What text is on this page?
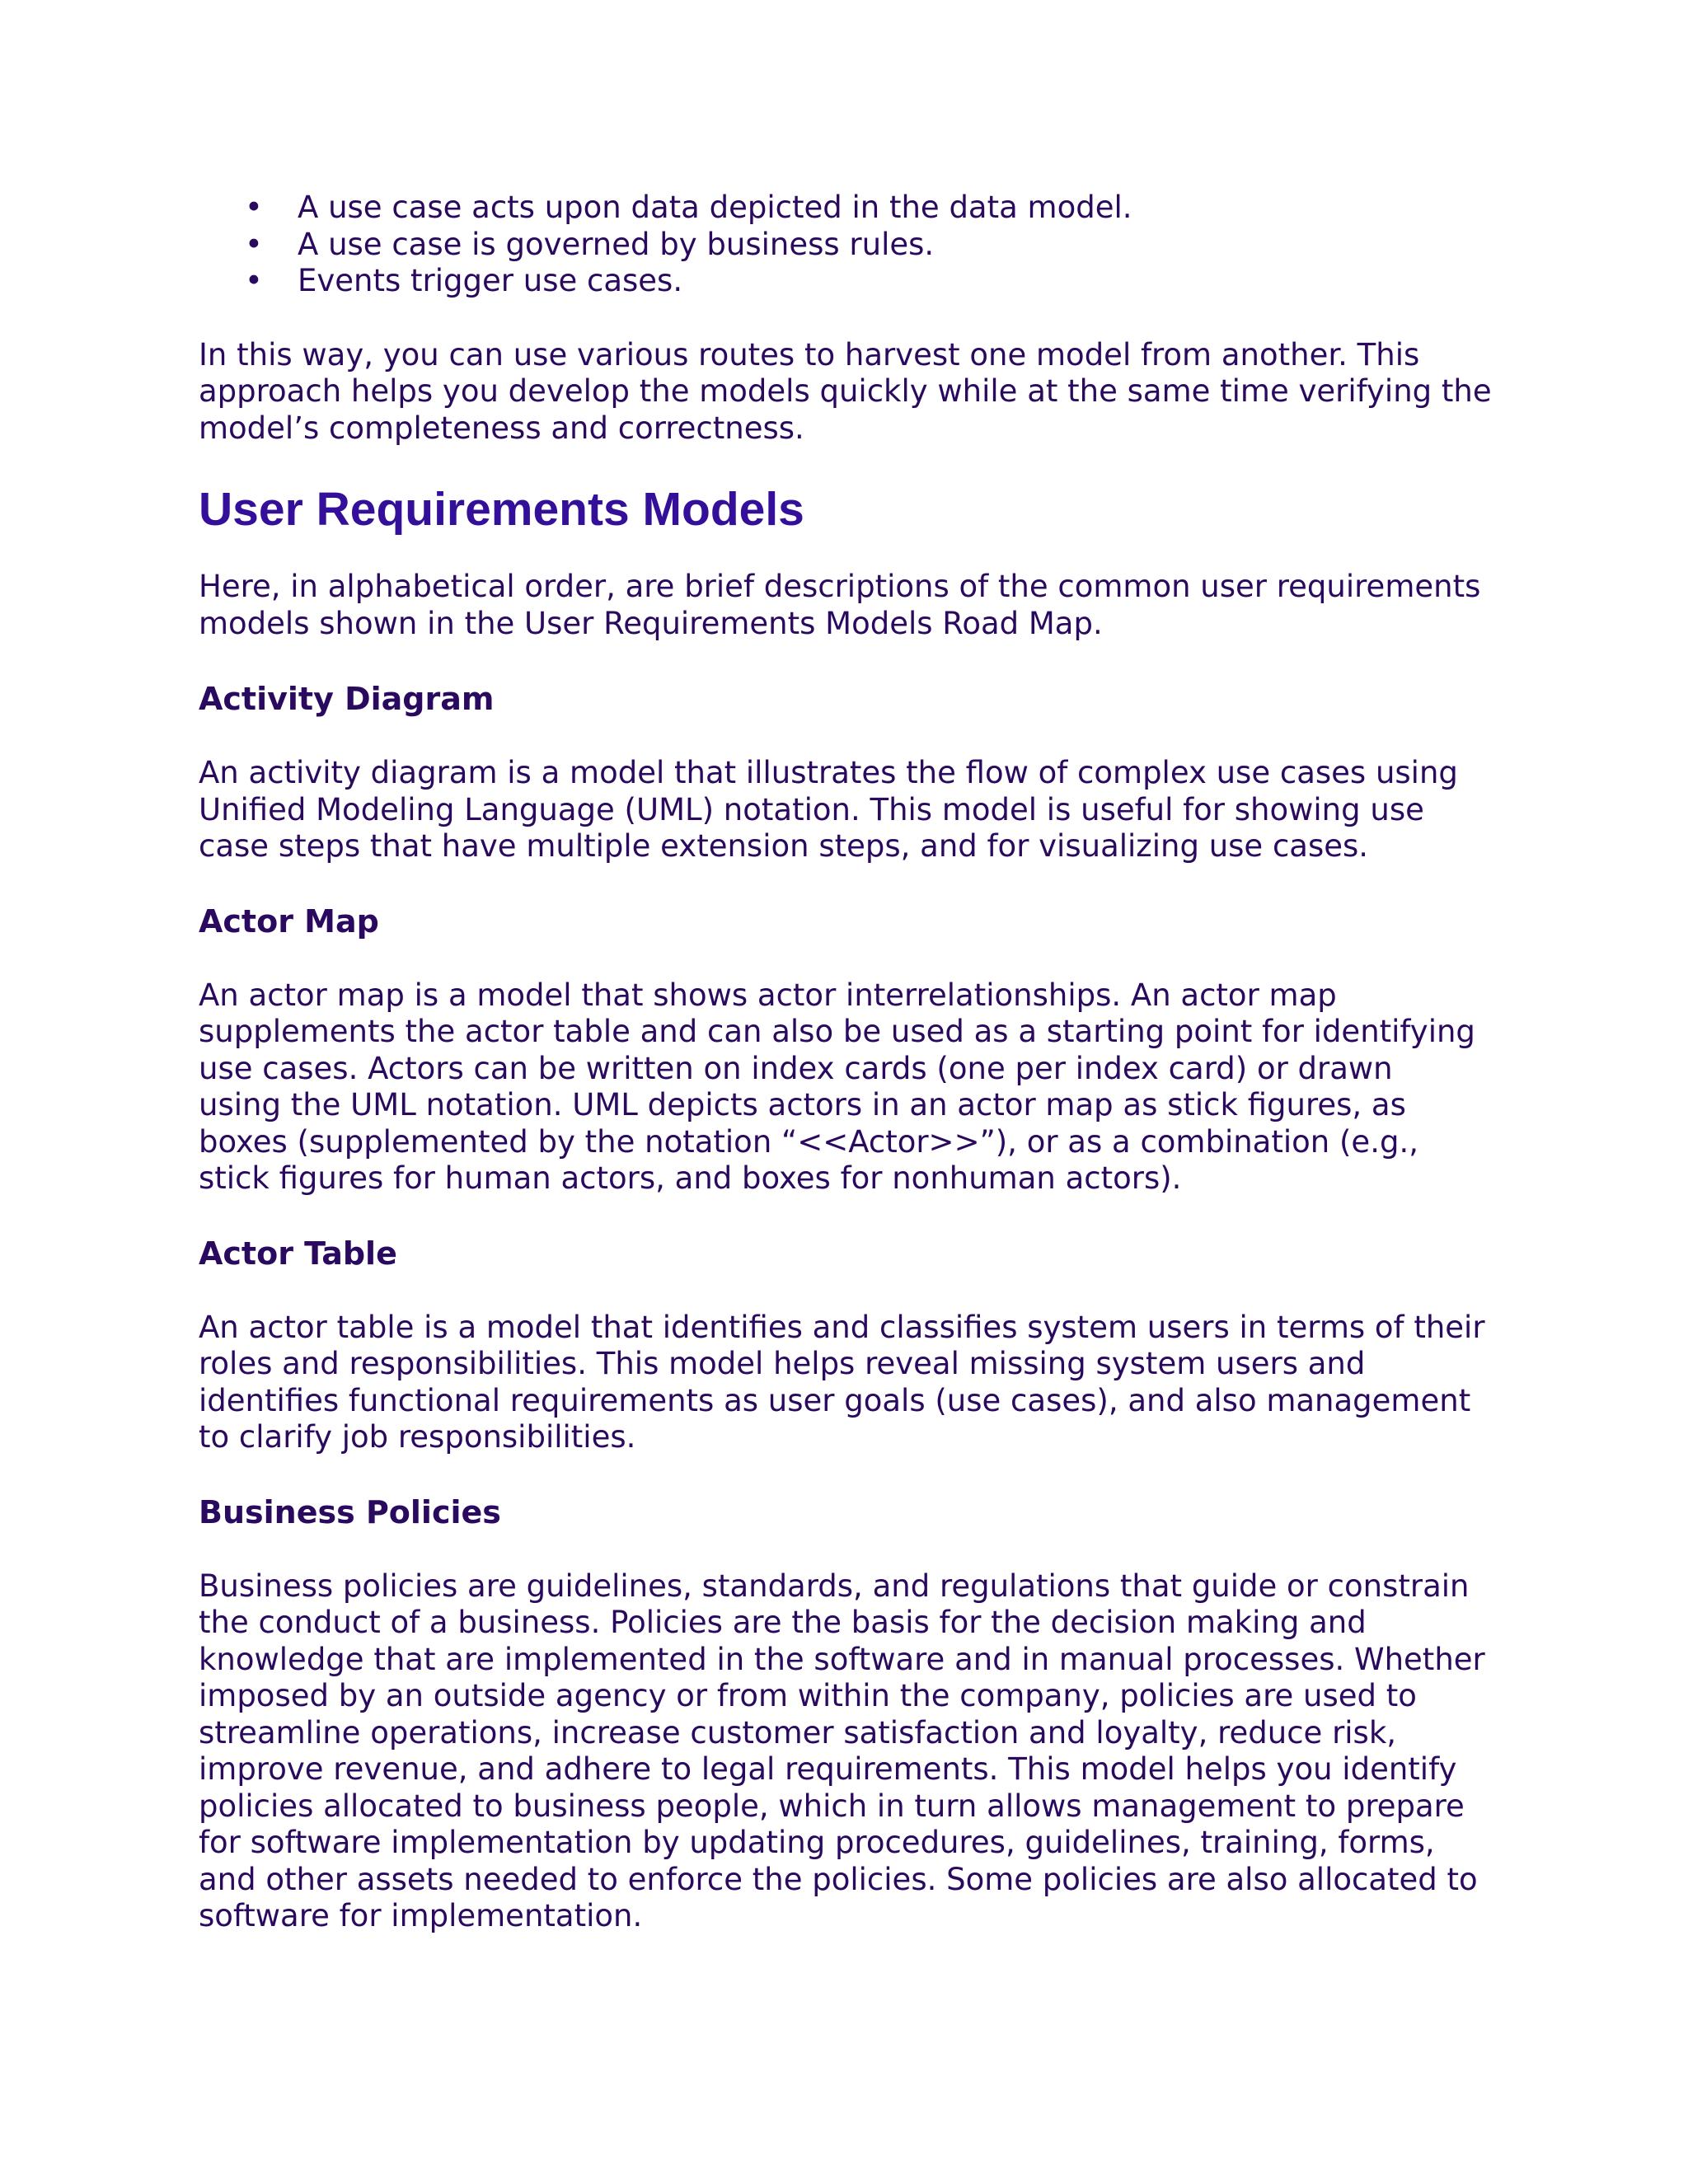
• A use case acts upon data depicted in the data model.
• A use case is governed by business rules.
• Events trigger use cases.

In this way, you can use various routes to harvest one model from another. This
approach helps you develop the models quickly while at the same time verifying the
model’s completeness and correctness.

User Requirements Models

Here, in alphabetical order, are brief descriptions of the common user requirements
models shown in the User Requirements Models Road Map.

Activity Diagram

An activity diagram is a model that illustrates the flow of complex use cases using
Unified Modeling Language (UML) notation. This model is useful for showing use
case steps that have multiple extension steps, and for visualizing use cases.

Actor Map

An actor map is a model that shows actor interrelationships. An actor map
supplements the actor table and can also be used as a starting point for identifying
use cases. Actors can be written on index cards (one per index card) or drawn
using the UML notation. UML depicts actors in an actor map as stick figures, as
boxes (supplemented by the notation “<<Actor>>”), or as a combination (e.g.,
stick figures for human actors, and boxes for nonhuman actors).

Actor Table

An actor table is a model that identifies and classifies system users in terms of their
roles and responsibilities. This model helps reveal missing system users and
identifies functional requirements as user goals (use cases), and also management
to clarify job responsibilities.

Business Policies

Business policies are guidelines, standards, and regulations that guide or constrain
the conduct of a business. Policies are the basis for the decision making and
knowledge that are implemented in the software and in manual processes. Whether
imposed by an outside agency or from within the company, policies are used to
streamline operations, increase customer satisfaction and loyalty, reduce risk,
improve revenue, and adhere to legal requirements. This model helps you identify
policies allocated to business people, which in turn allows management to prepare
for software implementation by updating procedures, guidelines, training, forms,
and other assets needed to enforce the policies. Some policies are also allocated to
software for implementation.
